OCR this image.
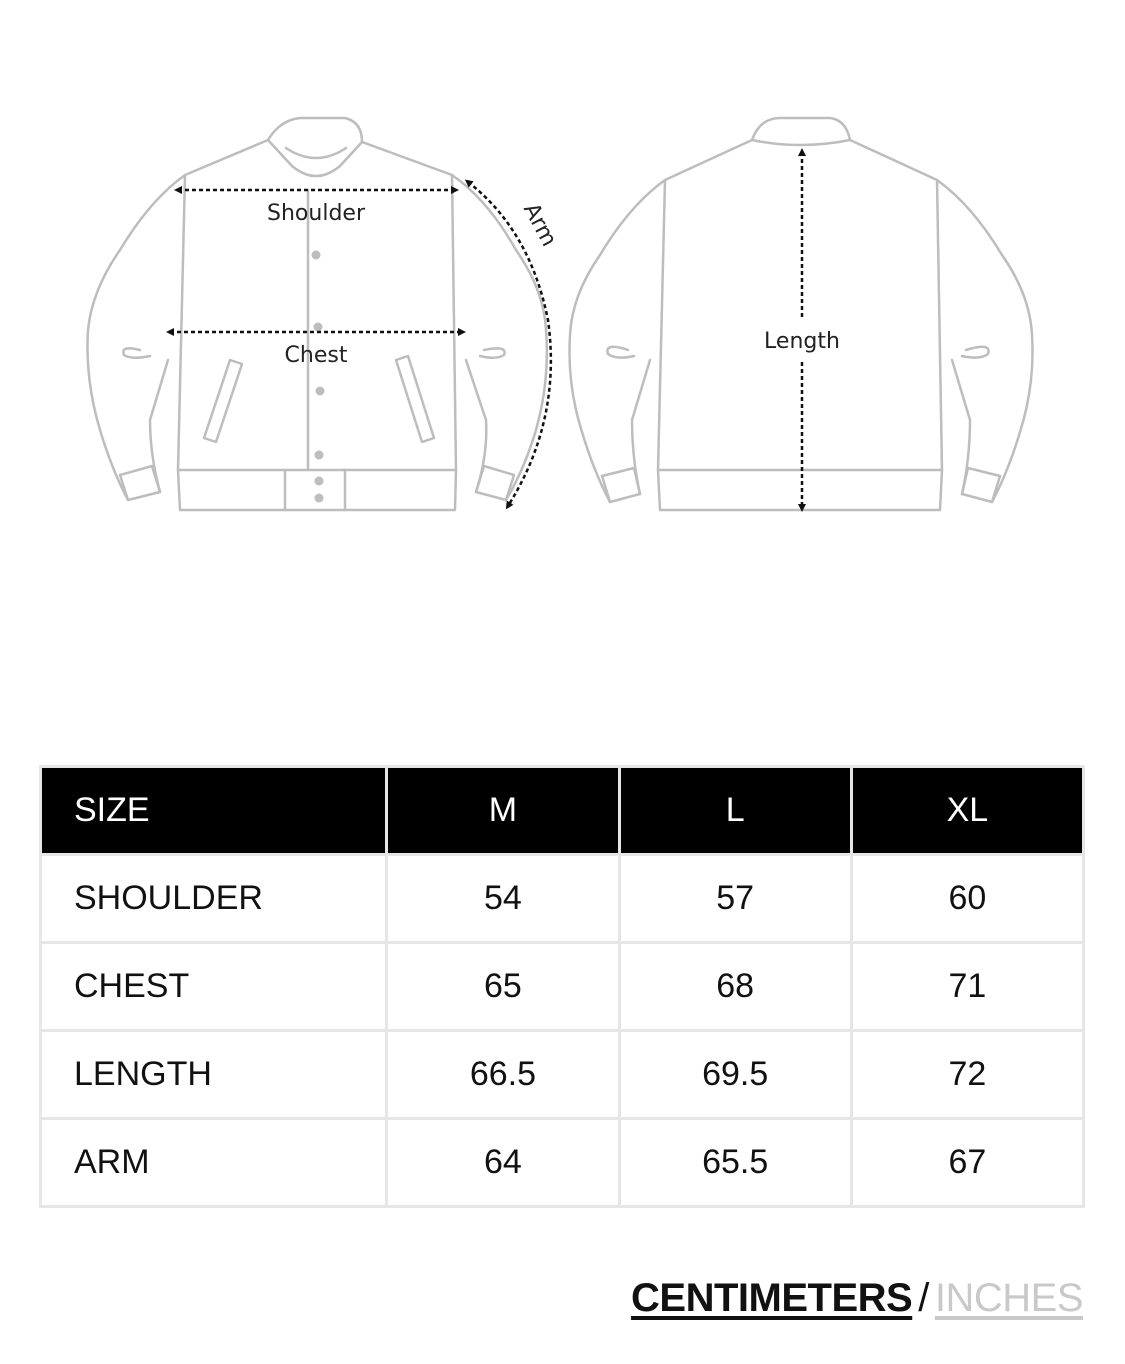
Shoulder
Chest
Arm
Length
SIZE	M	L	XL
SHOULDER	54	57	60
CHEST	65	68	71
LENGTH	66.5	69.5	72
ARM	64	65.5	67
CENTIMETERS / INCHES
